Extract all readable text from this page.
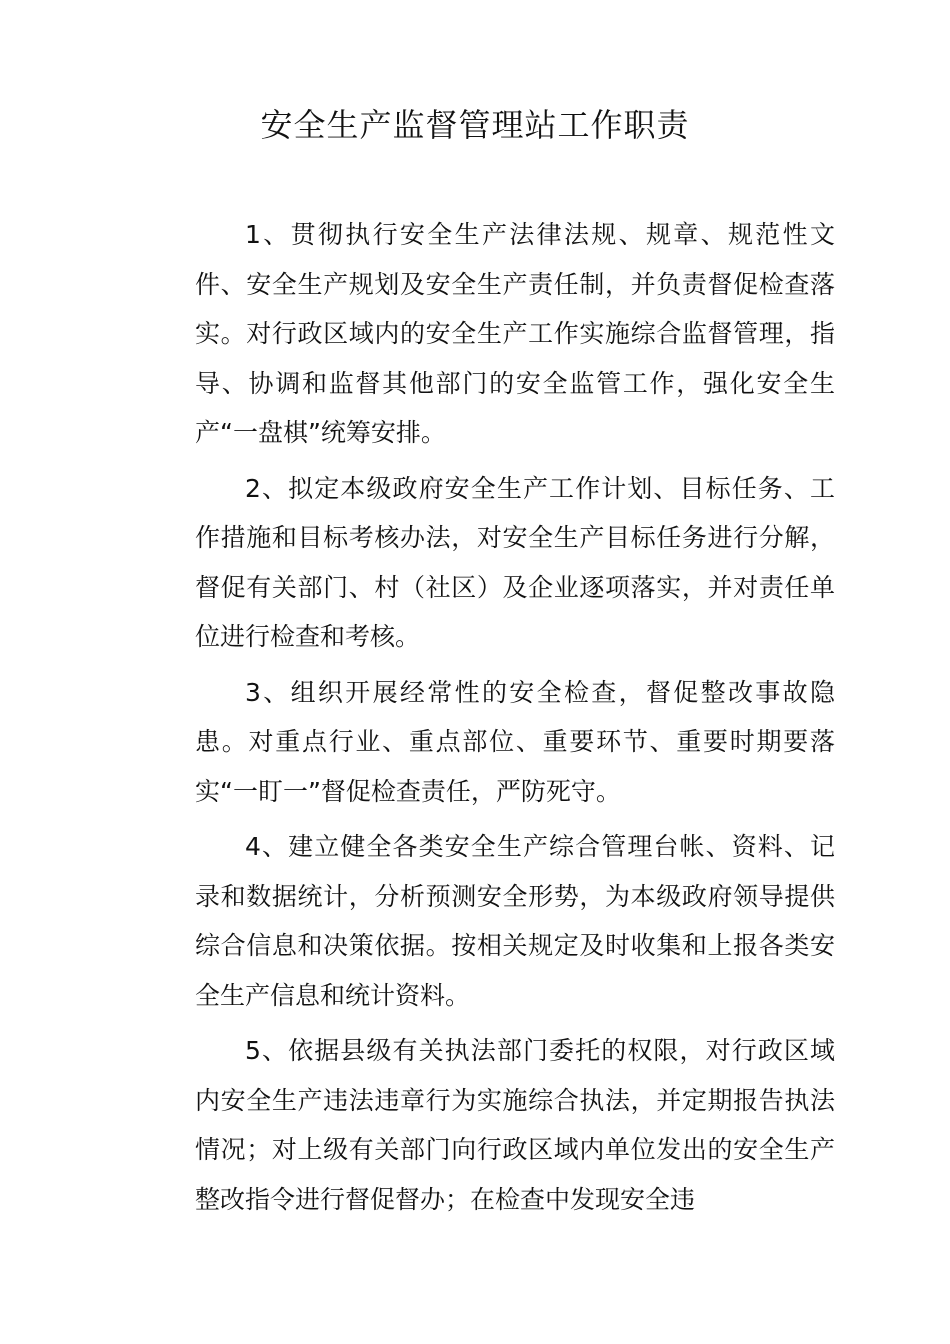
安全生产监督管理站工作职责

1、贯彻执行安全生产法律法规、规章、规范性文件、安全生产规划及安全生产责任制，并负责督促检查落实。对行政区域内的安全生产工作实施综合监督管理，指导、协调和监督其他部门的安全监管工作，强化安全生产“一盘棋”统筹安排。

2、拟定本级政府安全生产工作计划、目标任务、工作措施和目标考核办法，对安全生产目标任务进行分解，督促有关部门、村（社区）及企业逐项落实，并对责任单位进行检查和考核。

3、组织开展经常性的安全检查，督促整改事故隐患。对重点行业、重点部位、重要环节、重要时期要落实“一盯一”督促检查责任，严防死守。

4、建立健全各类安全生产综合管理台帐、资料、记录和数据统计，分析预测安全形势，为本级政府领导提供综合信息和决策依据。按相关规定及时收集和上报各类安全生产信息和统计资料。

5、依据县级有关执法部门委托的权限，对行政区域内安全生产违法违章行为实施综合执法，并定期报告执法情况；对上级有关部门向行政区域内单位发出的安全生产整改指令进行督促督办；在检查中发现安全违
